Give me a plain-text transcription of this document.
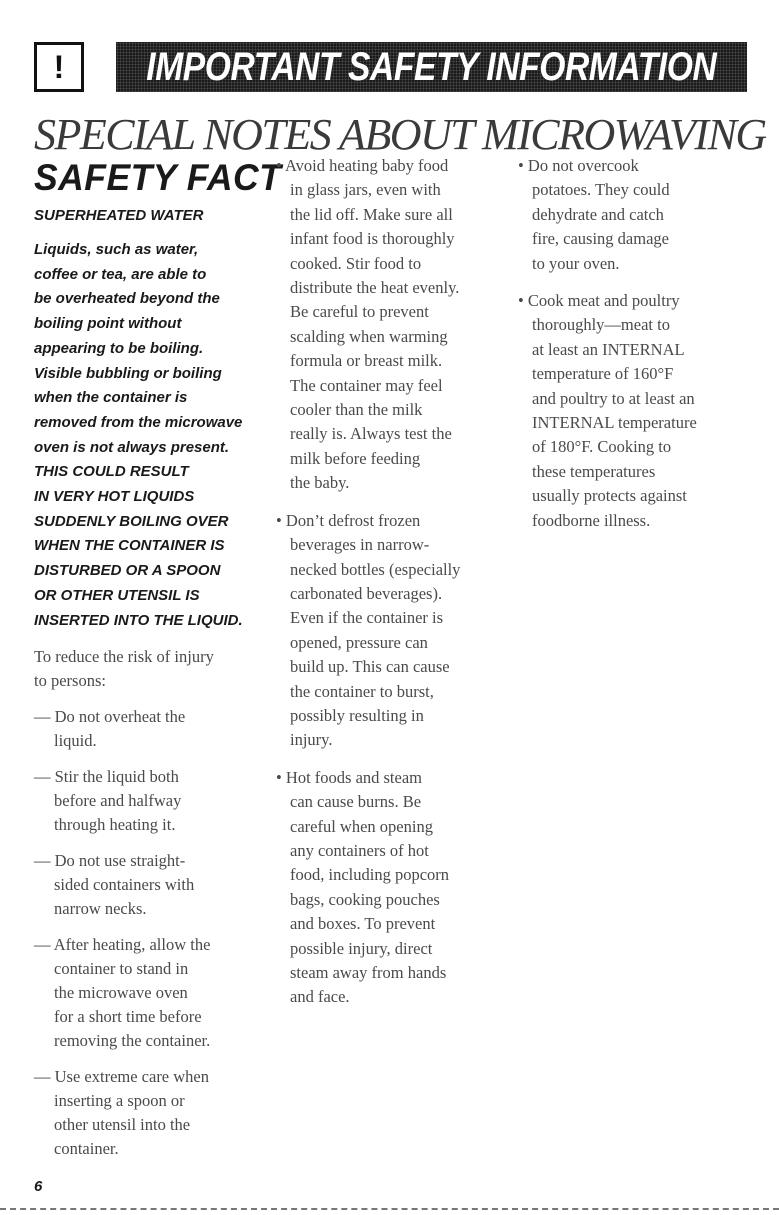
! IMPORTANT SAFETY INFORMATION
SPECIAL NOTES ABOUT MICROWAVING
SAFETY FACT
SUPERHEATED WATER
Liquids, such as water,
coffee or tea, are able to
be overheated beyond the
boiling point without
appearing to be boiling.
Visible bubbling or boiling
when the container is
removed from the microwave
oven is not always present.
THIS COULD RESULT
IN VERY HOT LIQUIDS
SUDDENLY BOILING OVER
WHEN THE CONTAINER IS
DISTURBED OR A SPOON
OR OTHER UTENSIL IS
INSERTED INTO THE LIQUID.
To reduce the risk of injury
to persons:
— Do not overheat the
liquid.
— Stir the liquid both
before and halfway
through heating it.
— Do not use straight-
sided containers with
narrow necks.
— After heating, allow the
container to stand in
the microwave oven
for a short time before
removing the container.
— Use extreme care when
inserting a spoon or
other utensil into the
container.
• Avoid heating baby food
in glass jars, even with
the lid off. Make sure all
infant food is thoroughly
cooked. Stir food to
distribute the heat evenly.
Be careful to prevent
scalding when warming
formula or breast milk.
The container may feel
cooler than the milk
really is. Always test the
milk before feeding
the baby.
• Don’t defrost frozen
beverages in narrow-
necked bottles (especially
carbonated beverages).
Even if the container is
opened, pressure can
build up. This can cause
the container to burst,
possibly resulting in
injury.
• Hot foods and steam
can cause burns. Be
careful when opening
any containers of hot
food, including popcorn
bags, cooking pouches
and boxes. To prevent
possible injury, direct
steam away from hands
and face.
• Do not overcook
potatoes. They could
dehydrate and catch
fire, causing damage
to your oven.
• Cook meat and poultry
thoroughly—meat to
at least an INTERNAL
temperature of 160°F
and poultry to at least an
INTERNAL temperature
of 180°F. Cooking to
these temperatures
usually protects against
foodborne illness.
6
